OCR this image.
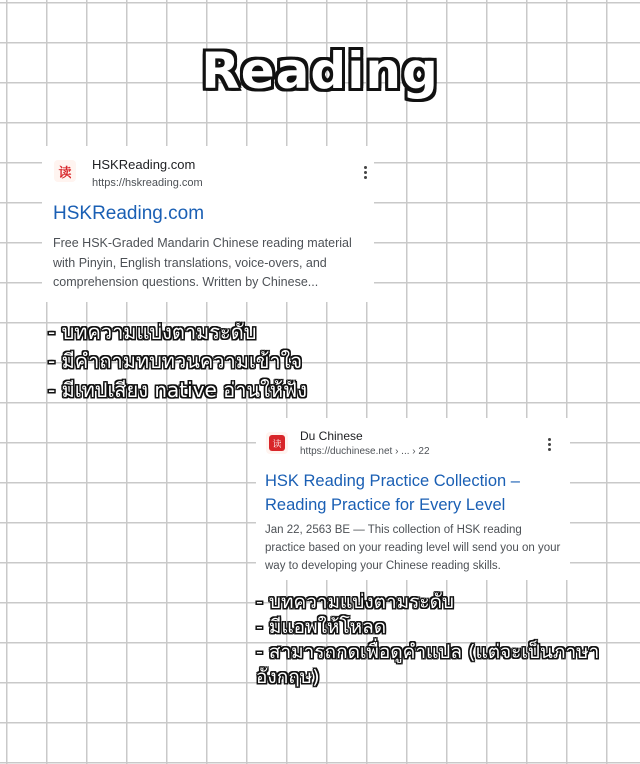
Reading
读
HSKReading.com
https://hskreading.com
HSKReading.com
Free HSK-Graded Mandarin Chinese reading material with Pinyin, English translations, voice-overs, and comprehension questions. Written by Chinese...
- บทความแบ่งตามระดับ
- มีคำถามทบทวนความเข้าใจ
- มีเทปเสียง native อ่านให้ฟัง
读
Du Chinese
https://duchinese.net › ... › 22
HSK Reading Practice Collection – Reading Practice for Every Level
Jan 22, 2563 BE — This collection of HSK reading practice based on your reading level will send you on your way to developing your Chinese reading skills.
- บทความแบ่งตามระดับ
- มีแอพให้โหลด
- สามารถกดเพื่อดูคำแปล (แต่จะเป็นภาษาอังกฤษ)
